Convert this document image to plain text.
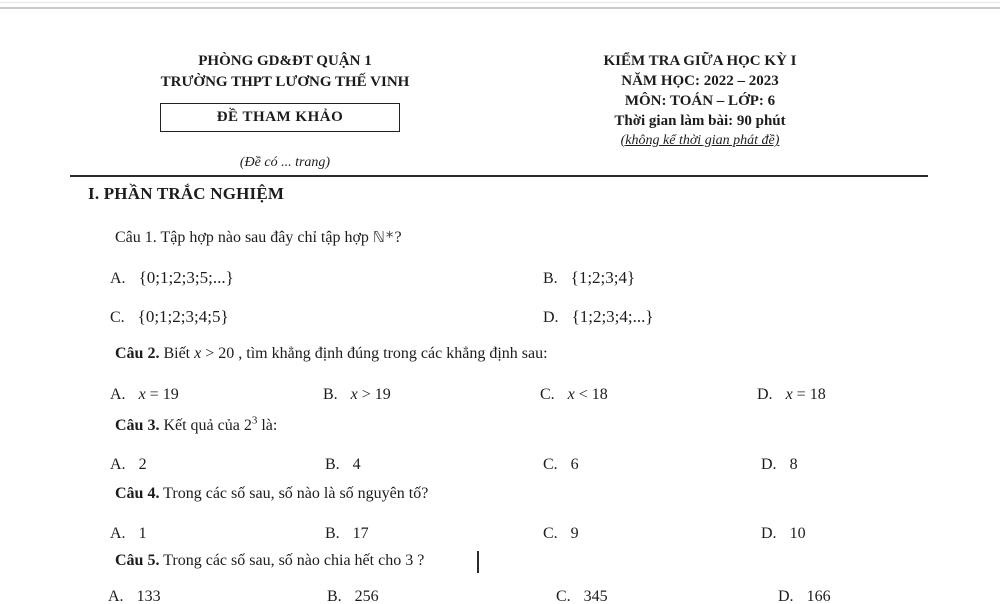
PHÒNG GD&ĐT QUẬN 1
TRƯỜNG THPT LƯƠNG THẾ VINH
ĐỀ THAM KHẢO
(Đề có ... trang)
KIỂM TRA GIỮA HỌC KỲ I
NĂM HỌC: 2022 – 2023
MÔN: TOÁN – LỚP: 6
Thời gian làm bài: 90 phút
(không kể thời gian phát đề)
I. PHẦN TRẮC NGHIỆM
Câu 1. Tập hợp nào sau đây chỉ tập hợp ℕ*?
A. {0;1;2;3;5;...}	B. {1;2;3;4}
C. {0;1;2;3;4;5}	D. {1;2;3;4;...}
Câu 2. Biết x > 20 , tìm khẳng định đúng trong các khẳng định sau:
A. x = 19	B. x > 19	C. x < 18	D. x = 18
Câu 3. Kết quả của $2^3$ là:
A. 2	B. 4	C. 6	D. 8
Câu 4. Trong các số sau, số nào là số nguyên tố?
A. 1	B. 17	C. 9	D. 10
Câu 5. Trong các số sau, số nào chia hết cho 3 ?
A. 133	B. 256	C. 345	D. 166
